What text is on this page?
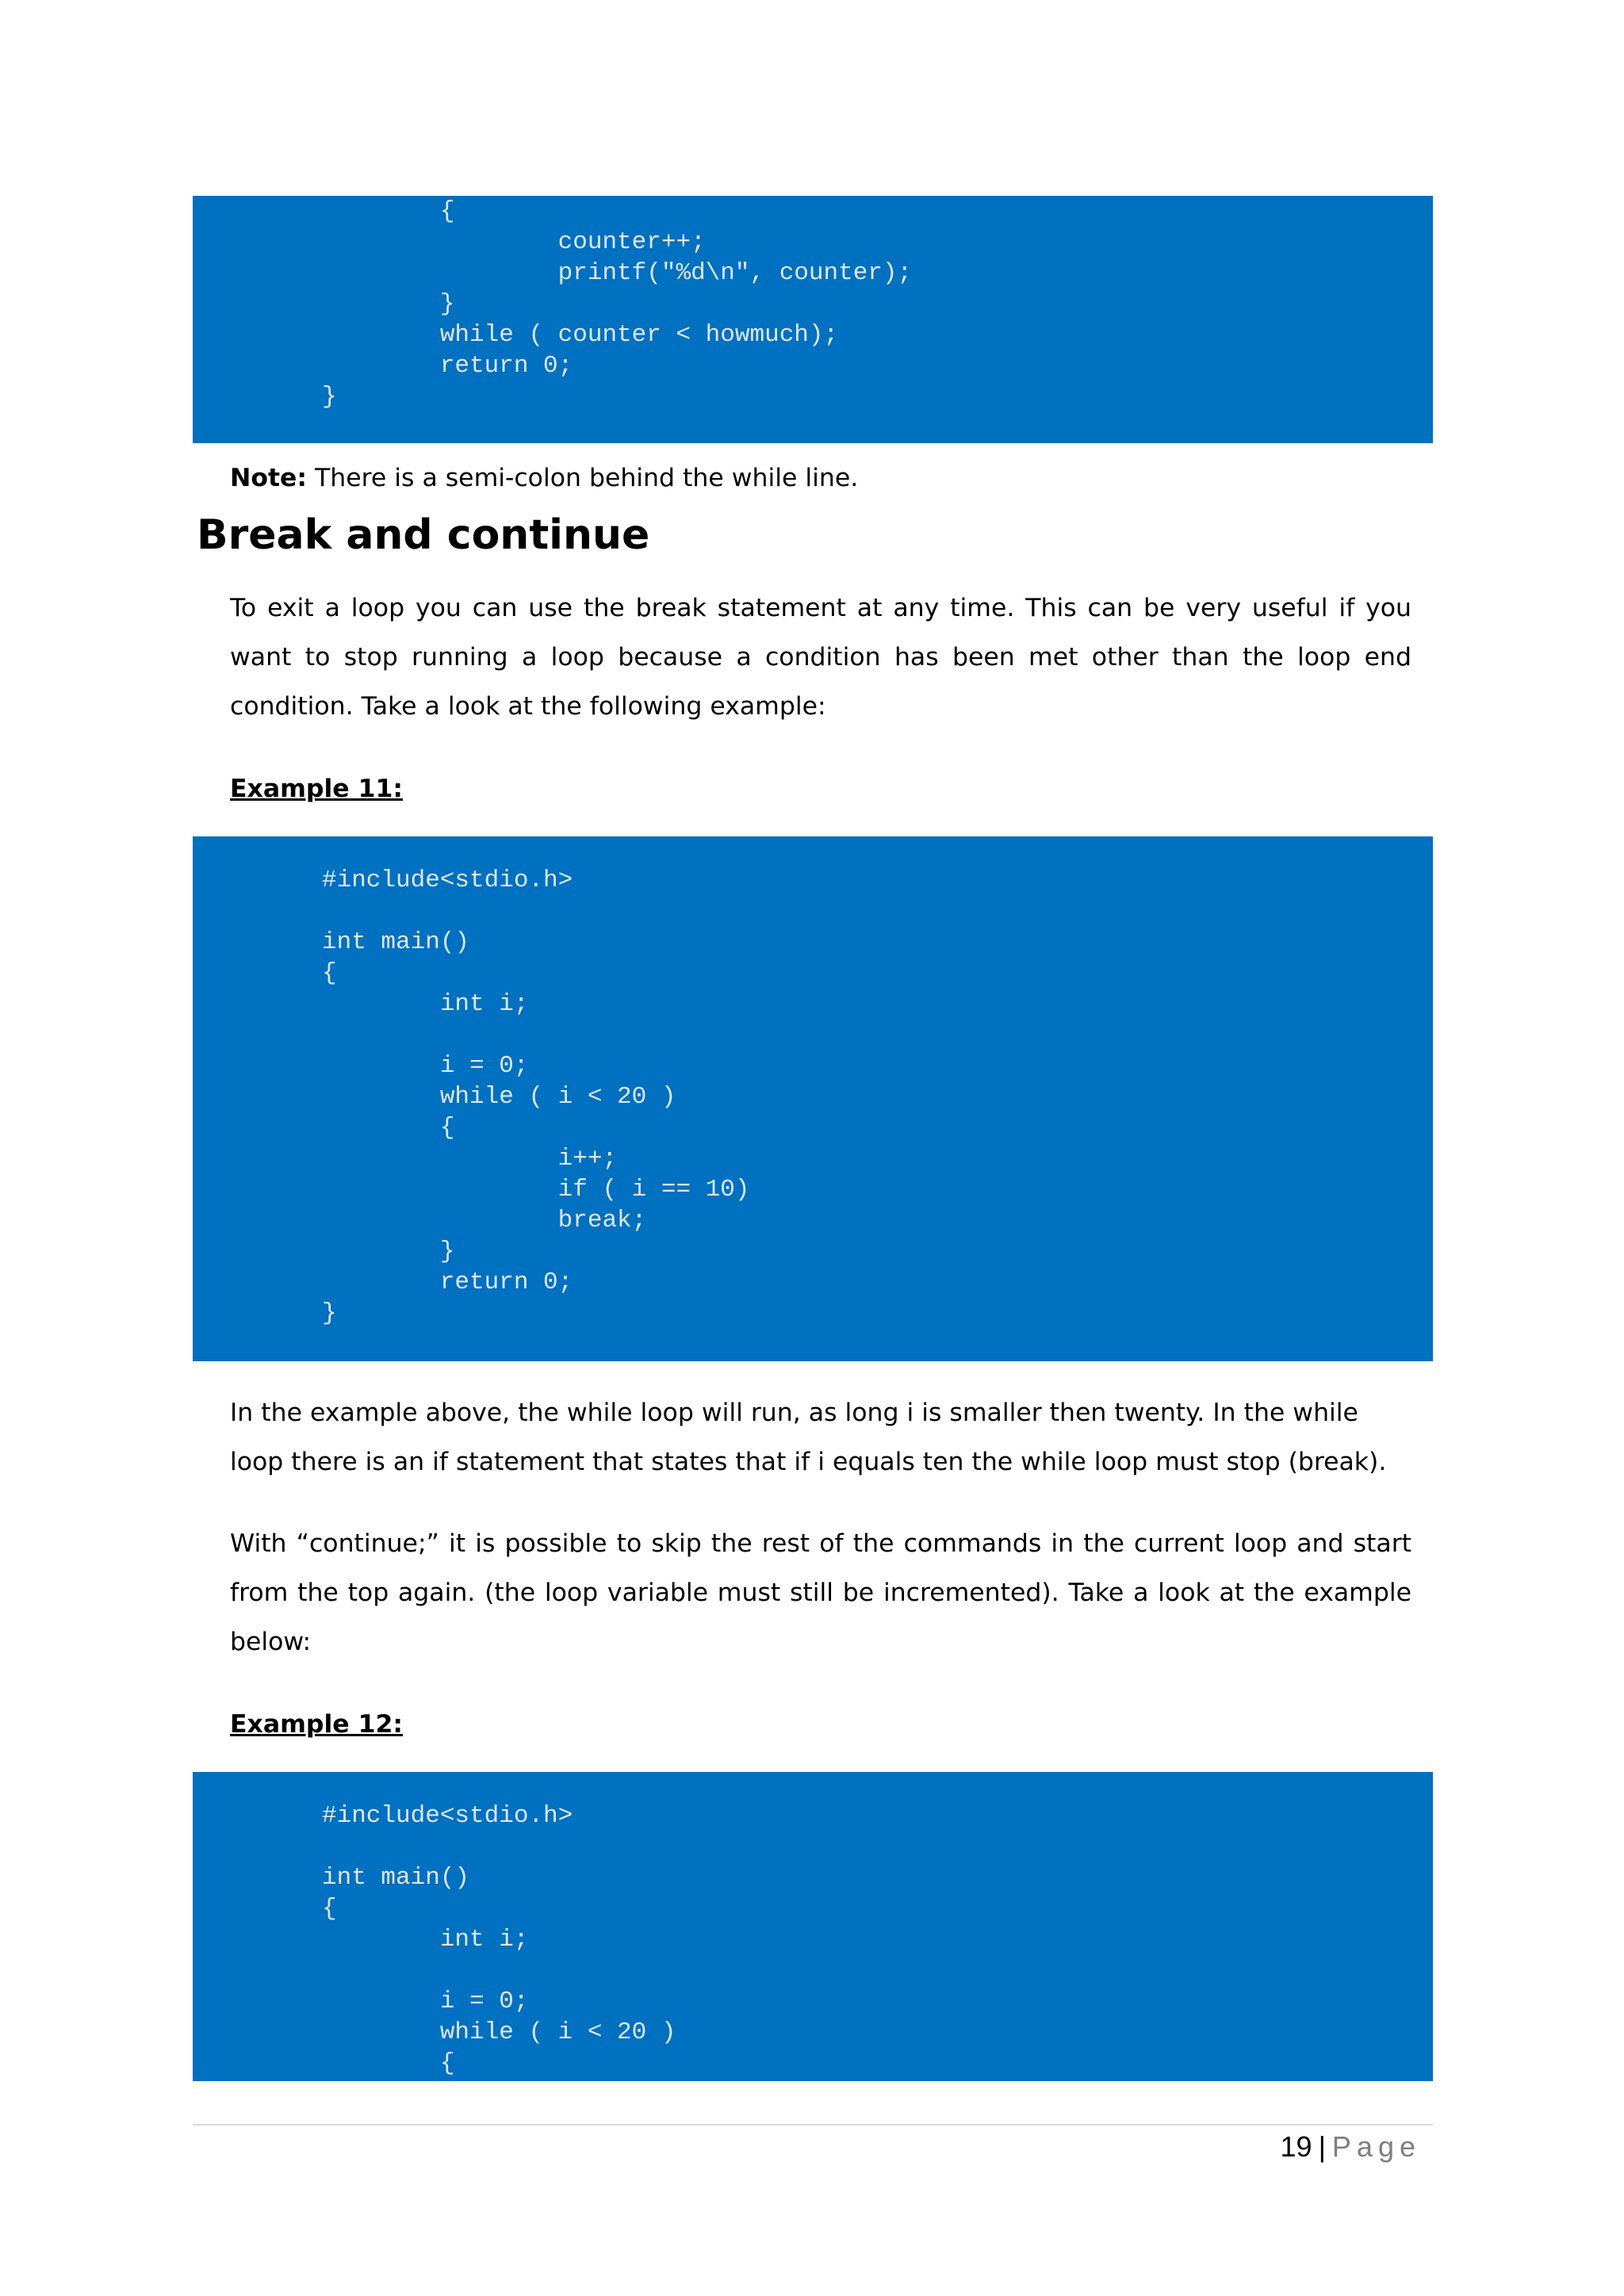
{
counter++;
printf("%d\n", counter);
}
while ( counter < howmuch);
return 0;
}

Note: There is a semi-colon behind the while line.

Break and continue

To exit a loop you can use the break statement at any time. This can be very useful if you want to stop running a loop because a condition has been met other than the loop end condition. Take a look at the following example:

Example 11:

#include<stdio.h>

int main()
{
int i;

i = 0;
while ( i < 20 )
{
i++;
if ( i == 10)
break;
}
return 0;
}

In the example above, the while loop will run, as long i is smaller then twenty. In the while loop there is an if statement that states that if i equals ten the while loop must stop (break).

With “continue;” it is possible to skip the rest of the commands in the current loop and start from the top again. (the loop variable must still be incremented). Take a look at the example below:

Example 12:

#include<stdio.h>

int main()
{
int i;

i = 0;
while ( i < 20 )
{
19 | Page
